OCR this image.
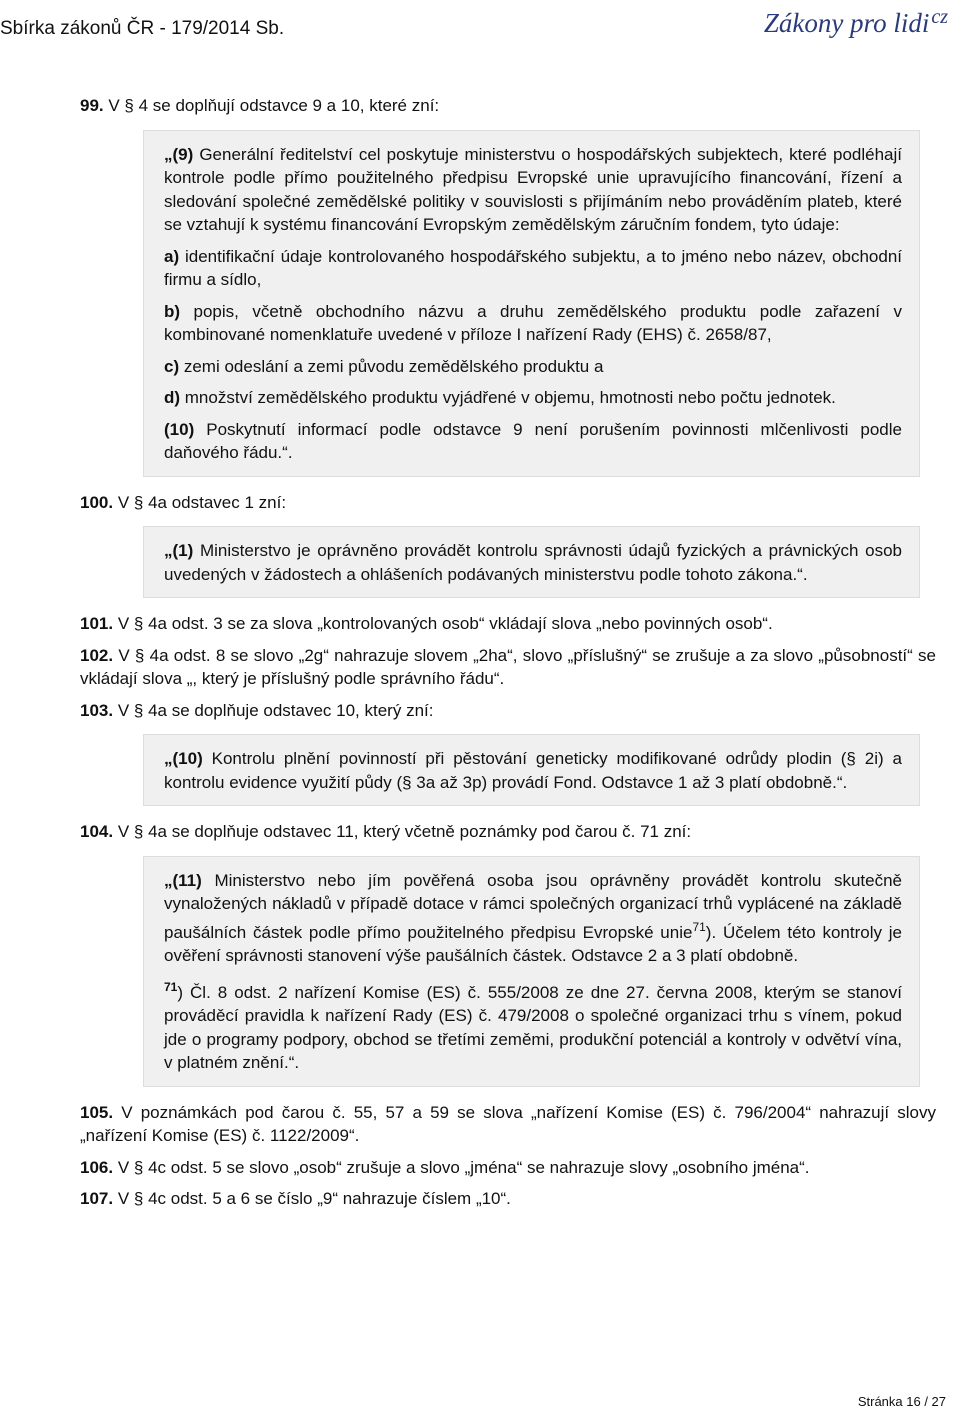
Sbírka zákonů ČR - 179/2014 Sb.	Zákony pro lidi $^{cz}$
99. V § 4 se doplňují odstavce 9 a 10, které zní:

„(9) Generální ředitelství cel poskytuje ministerstvu o hospodářských subjektech, které podléhají kontrole podle přímo použitelného předpisu Evropské unie upravujícího financování, řízení a sledování společné zemědělské politiky v souvislosti s přijímáním nebo prováděním plateb, které se vztahují k systému financování Evropským zemědělským záručním fondem, tyto údaje:

a) identifikační údaje kontrolovaného hospodářského subjektu, a to jméno nebo název, obchodní firmu a sídlo,

b) popis, včetně obchodního názvu a druhu zemědělského produktu podle zařazení v kombinované nomenklatuře uvedené v příloze I nařízení Rady (EHS) č. 2658/87,

c) zemi odeslání a zemi původu zemědělského produktu a

d) množství zemědělského produktu vyjádřené v objemu, hmotnosti nebo počtu jednotek.

(10) Poskytnutí informací podle odstavce 9 není porušením povinnosti mlčenlivosti podle daňového řádu.“.

100. V § 4a odstavec 1 zní:

„(1) Ministerstvo je oprávněno provádět kontrolu správnosti údajů fyzických a právnických osob uvedených v žádostech a ohlášeních podávaných ministerstvu podle tohoto zákona.“.

101. V § 4a odst. 3 se za slova „kontrolovaných osob“ vkládají slova „nebo povinných osob“.
102. V § 4a odst. 8 se slovo „2g“ nahrazuje slovem „2ha“, slovo „příslušný“ se zrušuje a za slovo „působností“ se vkládají slova „, který je příslušný podle správního řádu“.
103. V § 4a se doplňuje odstavec 10, který zní:

„(10) Kontrolu plnění povinností při pěstování geneticky modifikované odrůdy plodin (§ 2i) a kontrolu evidence využití půdy (§ 3a až 3p) provádí Fond. Odstavce 1 až 3 platí obdobně.“.

104. V § 4a se doplňuje odstavec 11, který včetně poznámky pod čarou č. 71 zní:

„(11) Ministerstvo nebo jím pověřená osoba jsou oprávněny provádět kontrolu skutečně vynaložených nákladů v případě dotace v rámci společných organizací trhů vyplácené na základě paušálních částek podle přímo použitelného předpisu Evropské unie$^{71}$). Účelem této kontroly je ověření správnosti stanovení výše paušálních částek. Odstavce 2 a 3 platí obdobně.

$^{71}$) Čl. 8 odst. 2 nařízení Komise (ES) č. 555/2008 ze dne 27. června 2008, kterým se stanoví prováděcí pravidla k nařízení Rady (ES) č. 479/2008 o společné organizaci trhu s vínem, pokud jde o programy podpory, obchod se třetími zeměmi, produkční potenciál a kontroly v odvětví vína, v platném znění.“.

105. V poznámkách pod čarou č. 55, 57 a 59 se slova „nařízení Komise (ES) č. 796/2004“ nahrazují slovy „nařízení Komise (ES) č. 1122/2009“.
106. V § 4c odst. 5 se slovo „osob“ zrušuje a slovo „jména“ se nahrazuje slovy „osobního jména“.
107. V § 4c odst. 5 a 6 se číslo „9“ nahrazuje číslem „10“.
Stránka 16 / 27
